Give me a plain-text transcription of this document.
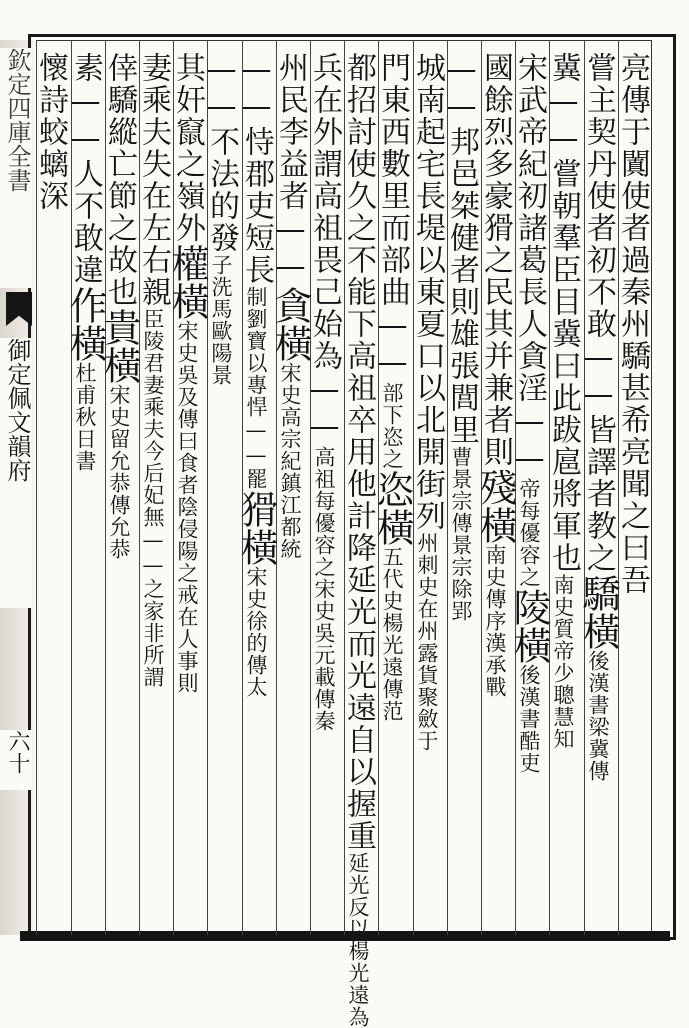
欽定四庫全書
御定佩文韻府
六十
亮傳于闐使者過秦州驕甚希亮聞之曰吾
嘗主契丹使者初不敢——皆譯者教之驕橫後漢書梁冀傳
冀——嘗朝羣臣目冀曰此跋扈將軍也南史質帝少聰慧知
宋武帝紀初諸葛長人貪淫——帝每優容之陵橫後漢書酷吏
國餘烈多豪猾之民其并兼者則殘橫南史傳序漢承戰
——邦邑桀健者則雄張閭里曹景宗傳景宗除郢
城南起宅長堤以東夏口以北開街列州刺史在州露貨聚斂于
門東西數里而部曲——部下恣之恣橫五代史楊光遠傳范
都招討使久之不能下高祖卒用他計降延光而光遠自以握重延光反以楊光遠為
兵在外謂高祖畏己始為——高祖每優容之宋史吳元載傳秦
州民李益者——貪橫宋史高宗紀鎮江都統
——恃郡吏短長制劉寶以專悍——罷猾橫宋史徐的傳太
——不法的發子洗馬歐陽景
其奸竄之嶺外權橫宋史吳及傳曰食者陰侵陽之戒在人事則
妻乘夫失在左右親臣陵君妻乘夫今后妃無——之家非所謂
倖驕縱亡節之故也貴橫宋史留允恭傳允恭
素——人不敢違作橫杜甫秋日書
懷詩蛟螭深
